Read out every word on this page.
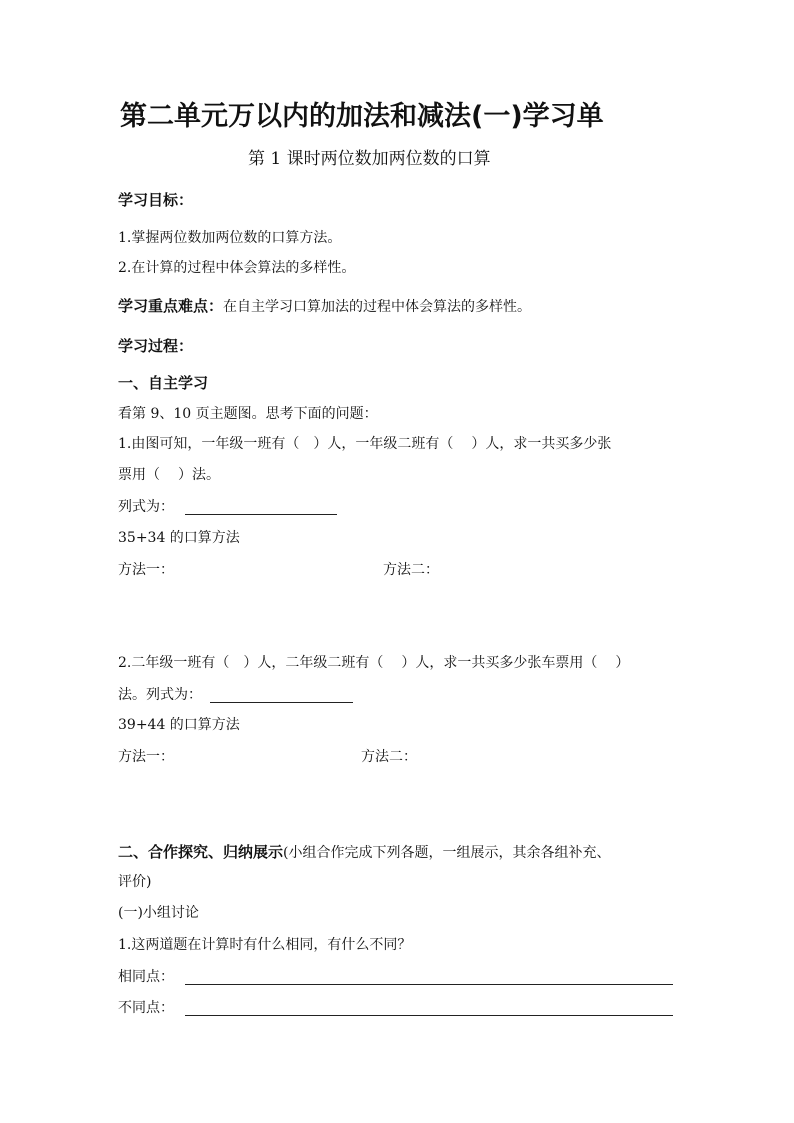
第二单元万以内的加法和减法(一)学习单
第 1 课时两位数加两位数的口算
学习目标：
1.掌握两位数加两位数的口算方法。
2.在计算的过程中体会算法的多样性。
学习重点难点：在自主学习口算加法的过程中体会算法的多样性。
学习过程：
一、自主学习
看第 9、10 页主题图。思考下面的问题：
1.由图可知，一年级一班有（ ）人，一年级二班有（ ）人，求一共买多少张
票用（ ）法。
列式为：
35+34 的口算方法
方法一：	方法二：
2.二年级一班有（ ）人，二年级二班有（ ）人，求一共买多少张车票用（ ）
法。列式为：
39+44 的口算方法
方法一：	方法二：
二、合作探究、归纳展示(小组合作完成下列各题，一组展示，其余各组补充、
评价)
(一)小组讨论
1.这两道题在计算时有什么相同，有什么不同？
相同点：
不同点：
